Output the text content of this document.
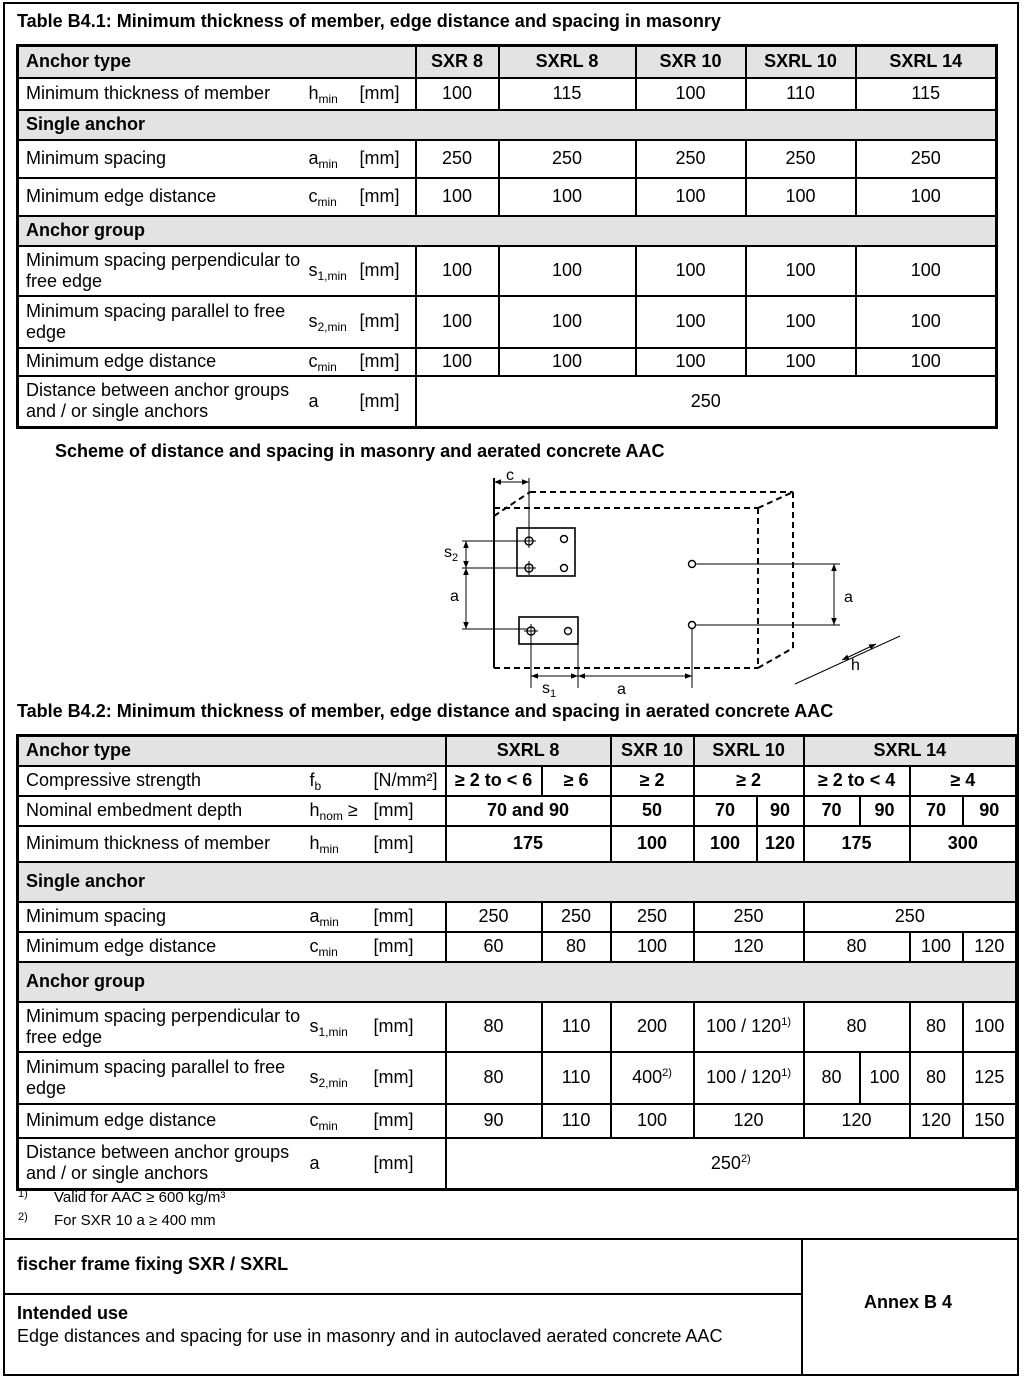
Table B4.1: Minimum thickness of member, edge distance and spacing in masonry

Anchor type			SXR 8	SXRL 8	SXR 10	SXRL 10	SXRL 14
Minimum thickness of member	$h_{min}$	[mm]	100	115	100	110	115
Single anchor							
Minimum spacing	$a_{min}$	[mm]	250	250	250	250	250
Minimum edge distance	$c_{min}$	[mm]	100	100	100	100	100
Anchor group							
Minimum spacing perpendicular to free edge	$s_{1,min}$	[mm]	100	100	100	100	100
Minimum spacing parallel to free edge	$s_{2,min}$	[mm]	100	100	100	100	100
Minimum edge distance	$c_{min}$	[mm]	100	100	100	100	100
Distance between anchor groups and / or single anchors	a	[mm]	250				

Scheme of distance and spacing in masonry and aerated concrete AAC

c
$s_2$
a	a
h
$s_1$	a

Table B4.2: Minimum thickness of member, edge distance and spacing in aerated concrete AAC

Anchor type			SXRL 8		SXR 10	SXRL 10		SXRL 14			
Compressive strength	$f_b$	[N/mm²]	≥ 2 to < 6	≥ 6	≥ 2	≥ 2		≥ 2 to < 4		≥ 4	
Nominal embedment depth	$h_{nom}$ ≥	[mm]	70 and 90		50	70	90	70	90	70	90
Minimum thickness of member	$h_{min}$	[mm]	175		100	100	120	175		300	
Single anchor											
Minimum spacing	$a_{min}$	[mm]	250	250	250	250		250			
Minimum edge distance	$c_{min}$	[mm]	60	80	100	120		80		100	120
Anchor group											
Minimum spacing perpendicular to free edge	$s_{1,min}$	[mm]	80	110	200	100 / 120$^{1)}$		80		80	100
Minimum spacing parallel to free edge	$s_{2,min}$	[mm]	80	110	400$^{2)}$	100 / 120$^{1)}$		80	100	80	125
Minimum edge distance	$c_{min}$	[mm]	90	110	100	120		120		120	150
Distance between anchor groups and / or single anchors	a	[mm]	250$^{2)}$
1) Valid for AAC ≥ 600 kg/m³
2) For SXR 10 a ≥ 400 mm
fischer frame fixing SXR / SXRL
Intended use
Edge distances and spacing for use in masonry and in autoclaved aerated concrete AAC
Annex B 4
